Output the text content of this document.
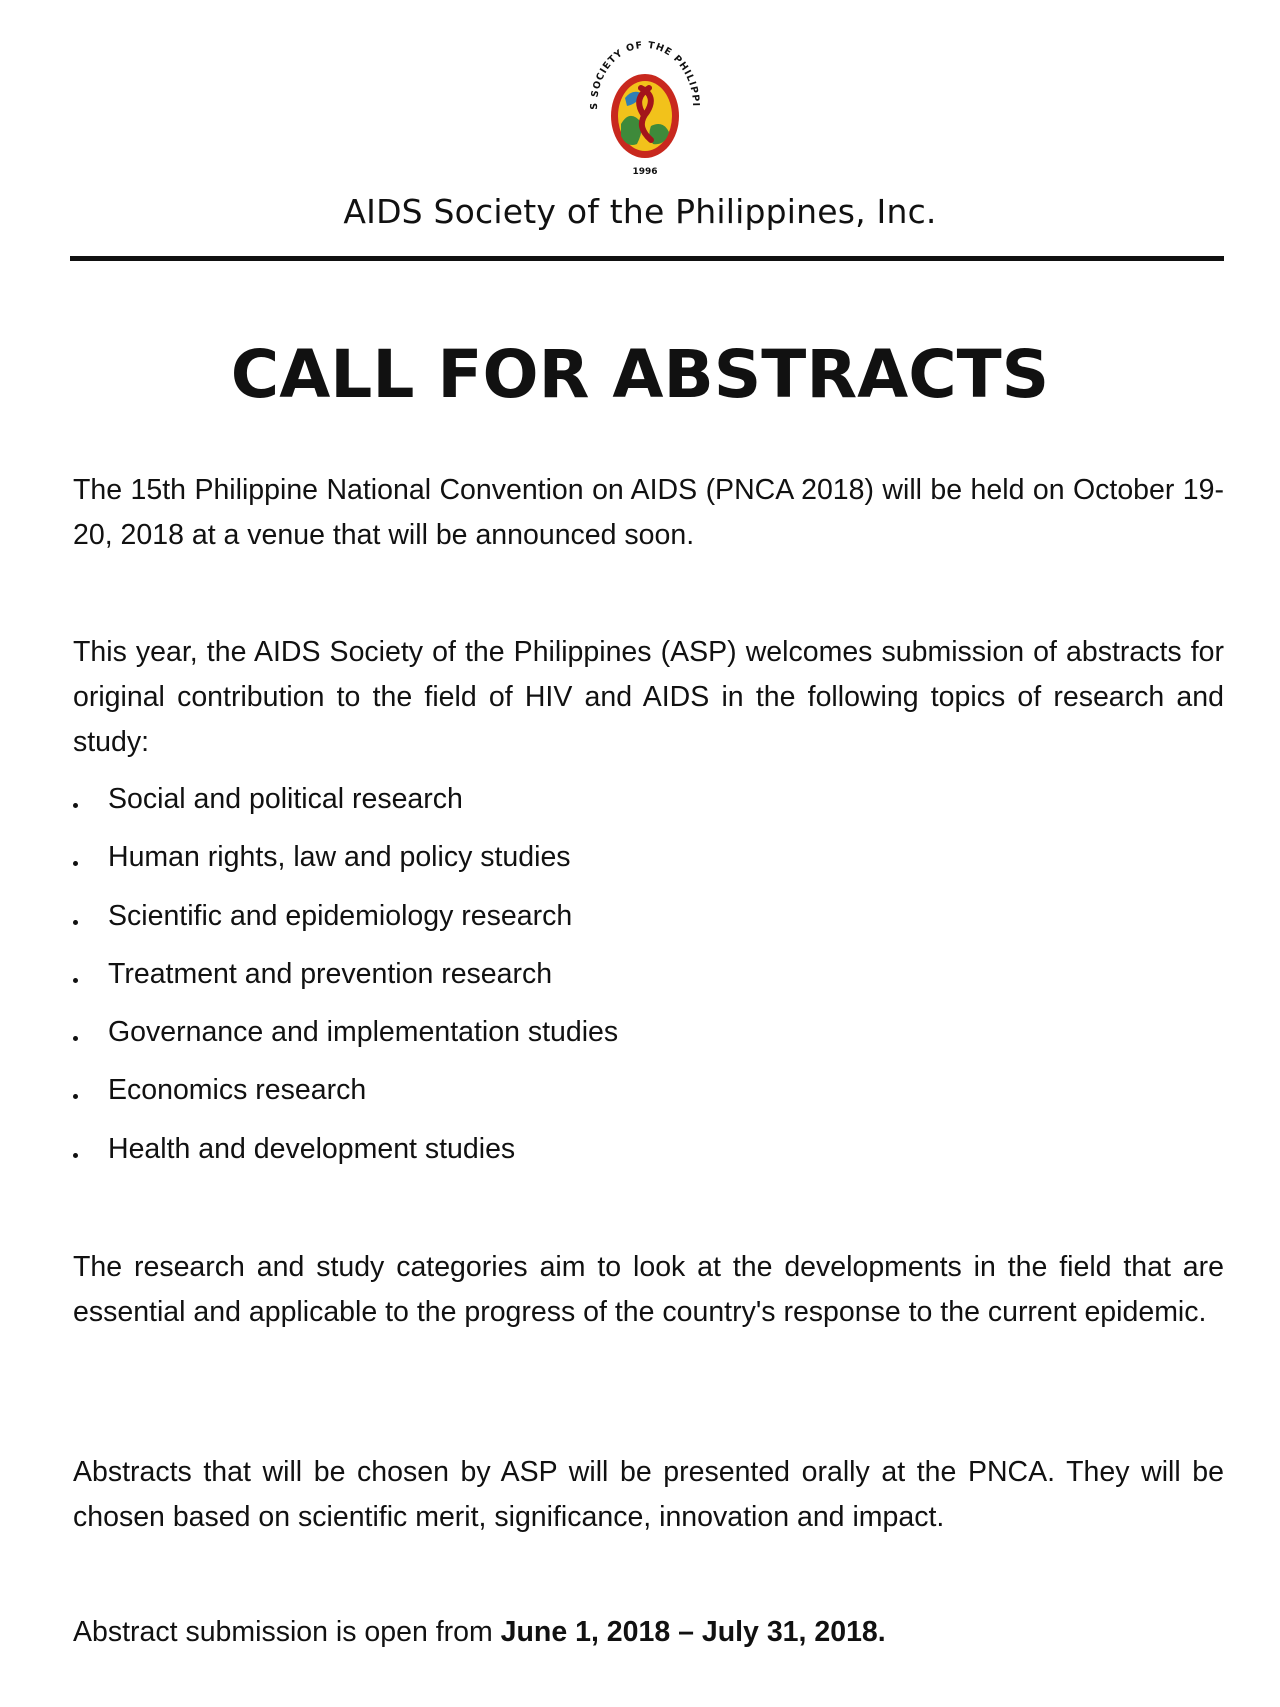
S SOCIETY OF THE PHILIPPI
1996
AIDS Society of the Philippines, Inc.
CALL FOR ABSTRACTS

The 15th Philippine National Convention on AIDS (PNCA 2018) will be held on October 19-20, 2018 at a venue that will be announced soon.

This year, the AIDS Society of the Philippines (ASP) welcomes submission of abstracts for original contribution to the field of HIV and AIDS in the following topics of research and study:

Social and political research
Human rights, law and policy studies
Scientific and epidemiology research
Treatment and prevention research
Governance and implementation studies
Economics research
Health and development studies

The research and study categories aim to look at the developments in the field that are essential and applicable to the progress of the country's response to the current epidemic.

Abstracts that will be chosen by ASP will be presented orally at the PNCA. They will be chosen based on scientific merit, significance, innovation and impact.

Abstract submission is open from June 1, 2018 – July 31, 2018.
